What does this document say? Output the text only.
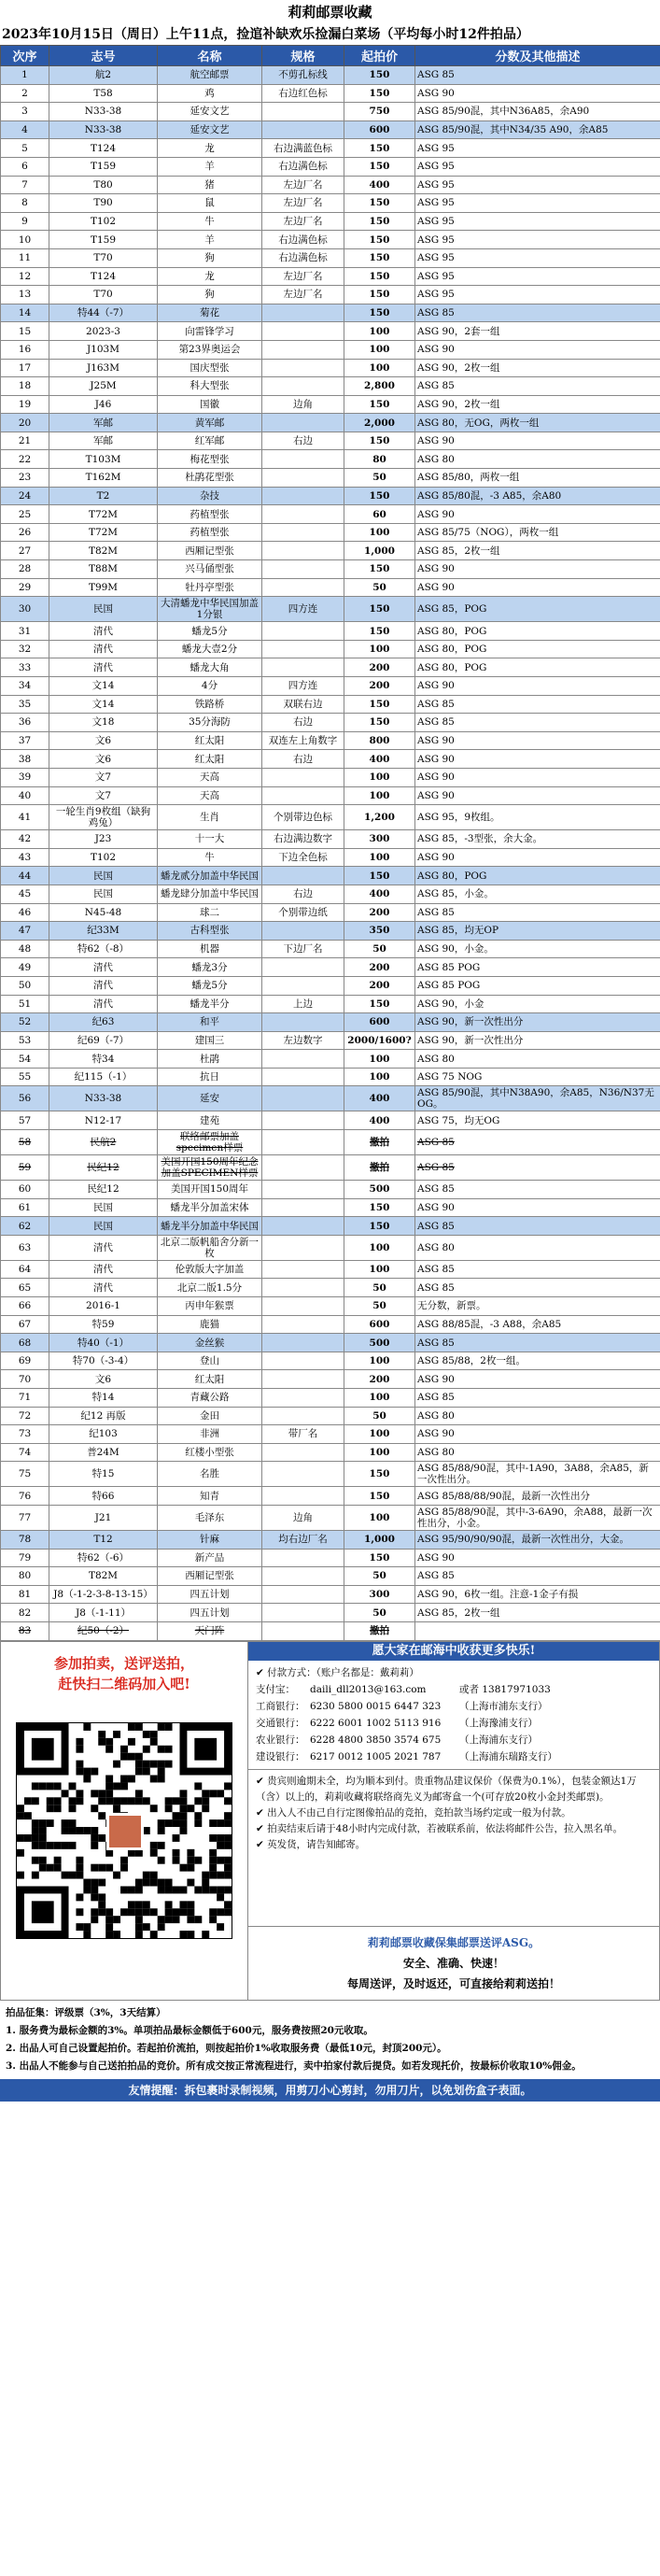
莉莉邮票收藏
2023年10月15日（周日）上午11点，捡逭补缺欢乐捡漏白菜场（平均每小时12件拍品）
次序	志号	名称	规格	起拍价	分数及其他描述
1	航2	航空邮票	不剪孔标线	150	ASG 85
2	T58	鸡	右边红色标	150	ASG 90
3	N33-38	延安文艺		750	ASG 85/90混，其中N36A85，余A90
4	N33-38	延安文艺		600	ASG 85/90混，其中N34/35 A90，余A85
5	T124	龙	右边满蓝色标	150	ASG 95
6	T159	羊	右边满色标	150	ASG 95
7	T80	猪	左边厂名	400	ASG 95
8	T90	鼠	左边厂名	150	ASG 95
9	T102	牛	左边厂名	150	ASG 95
10	T159	羊	右边满色标	150	ASG 95
11	T70	狗	右边满色标	150	ASG 95
12	T124	龙	左边厂名	150	ASG 95
13	T70	狗	左边厂名	150	ASG 95
14	特44（-7）	菊花		150	ASG 85
15	2023-3	向雷锋学习		100	ASG 90，2套一组
16	J103M	第23界奥运会		100	ASG 90
17	J163M	国庆型张		100	ASG 90，2枚一组
18	J25M	科大型张		2,800	ASG 85
19	J46	国徽	边角	150	ASG 90，2枚一组
20	军邮	黄军邮		2,000	ASG 80，无OG，两枚一组
21	军邮	红军邮	右边	150	ASG 90
22	T103M	梅花型张		80	ASG 80
23	T162M	杜鹃花型张		50	ASG 85/80，两枚一组
24	T2	杂技		150	ASG 85/80混，-3 A85，余A80
25	T72M	药植型张		60	ASG 90
26	T72M	药植型张		100	ASG 85/75（NOG），两枚一组
27	T82M	西厢记型张		1,000	ASG 85，2枚一组
28	T88M	兴马俑型张		150	ASG 90
29	T99M	牡丹亭型张		50	ASG 90
30	民国	大清蟠龙中华民国加盖1分银	四方连	150	ASG 85，POG
31	清代	蟠龙5分		150	ASG 80，POG
32	清代	蟠龙大壹2分		100	ASG 80，POG
33	清代	蟠龙大角		200	ASG 80，POG
34	文14	4分	四方连	200	ASG 90
35	文14	铁路桥	双联右边	150	ASG 85
36	文18	35分海防	右边	150	ASG 85
37	文6	红太阳	双连左上角数字	800	ASG 90
38	文6	红太阳	右边	400	ASG 90
39	文7	天高		100	ASG 90
40	文7	天高		100	ASG 90
41	一轮生肖9枚组（缺狗鸡兔）	生肖	个别带边色标	1,200	ASG 95，9枚组。
42	J23	十一大	右边满边数字	300	ASG 85，-3型张，余大金。
43	T102	牛	下边全色标	100	ASG 90
44	民国	蟠龙贰分加盖中华民国		150	ASG 80，POG
45	民国	蟠龙肆分加盖中华民国	右边	400	ASG 85，小金。
46	N45-48	球二	个别带边纸	200	ASG 85
47	纪33M	古科型张		350	ASG 85，均无OP
48	特62（-8）	机器	下边厂名	50	ASG 90，小金。
49	清代	蟠龙3分		200	ASG 85 POG
50	清代	蟠龙5分		200	ASG 85 POG
51	清代	蟠龙半分	上边	150	ASG 90，小金
52	纪63	和平		600	ASG 90，新一次性出分
53	纪69（-7）	建国三	左边数字	2000/1600?	ASG 90，新一次性出分
54	特34	杜鹃		100	ASG 80
55	纪115（-1）	抗日		100	ASG 75 NOG
56	N33-38	延安		400	ASG 85/90混，其中N38A90，余A85，N36/N37无OG。
57	N12-17	建苑		400	ASG 75，均无OG
58	民航2	联络邮票加盖specimen样票		撤拍	ASG 85
59	民纪12	美国开国150周年纪念加盖SPECIMEN样票		撤拍	ASG 85
60	民纪12	美国开国150周年		500	ASG 85
61	民国	蟠龙半分加盖宋体		150	ASG 90
62	民国	蟠龙半分加盖中华民国		150	ASG 85
63	清代	北京二版帆船舍分新一枚		100	ASG 80
64	清代	伦敦版大字加盖		100	ASG 85
65	清代	北京二版1.5分		50	ASG 85
66	2016-1	丙申年猴票		50	无分数，新票。
67	特59	鹿猫		600	ASG 88/85混，-3 A88，余A85
68	特40（-1）	金丝猴		500	ASG 85
69	特70（-3-4）	登山		100	ASG 85/88，2枚一组。
70	文6	红太阳		200	ASG 90
71	特14	青藏公路		100	ASG 85
72	纪12 再版	金田		50	ASG 80
73	纪103	非洲	带厂名	100	ASG 90
74	普24M	红楼小型张		100	ASG 80
75	特15	名胜		150	ASG 85/88/90混，其中-1A90，3A88，余A85，新一次性出分。
76	特66	知青		150	ASG 85/88/88/90混，最新一次性出分
77	J21	毛泽东	边角	100	ASG 85/88/90混，其中-3-6A90，余A88，最新一次性出分，小金。
78	T12	针麻	均右边厂名	1,000	ASG 95/90/90/90混，最新一次性出分，大金。
79	特62（-6）	新产品		150	ASG 90
80	T82M	西厢记型张		50	ASG 85
81	J8（-1-2-3-8-13-15）	四五计划		300	ASG 90，6枚一组。注意-1金子有损
82	J8（-1-11）	四五计划		50	ASG 85，2枚一组
83	纪50（-2）	天门阵		撤拍	
参加拍卖，送评送拍，
赶快扫二维码加入吧!
愿大家在邮海中收获更多快乐!
✔ 付款方式：（账户名都是：戴莉莉）
支付宝：	daili_dll2013@163.com	或者 13817971033
工商银行： 6230 5800 0015 6447 323	（上海市浦东支行）
交通银行： 6222 6001 1002 5113 916	（上海豫浦支行）
农业银行： 6228 4800 3850 3574 675	（上海浦东支行）
建设银行： 6217 0012 1005 2021 787	（上海浦东瑞路支行）
✔ 贵宾则逾期未全，均为顺本到付。贵重物品建议保价（保费为0.1%），包装金额达1万（含）以上的，莉莉收藏将联络商先义为邮寄盒一个(可存放20枚小金封类邮票)。
✔ 出入人不由己自行定图像拍品的竞拍，竞拍款当场约定或一般为付款。
✔ 拍卖结束后请于48小时内完成付款，若被联系前，依法将邮件公告，拉入黑名单。
✔ 英发货，请告知邮寄。
莉莉邮票收藏保集邮票送评ASG。
安全、准确、快速！
每周送评，及时返还，可直接给莉莉送拍！
拍品征集：评级票（3%，3天结算）
1. 服务费为最标金额的3%。单项拍品最标金额低于600元，服务费按照20元收取。
2. 出品人可自己设置起拍价。若起拍价流拍，则按起拍价1%收取服务费（最低10元，封顶200元）。
3. 出品人不能参与自己送拍拍品的竞价。所有成交按正常流程进行，卖中拍家付款后提贷。如若发现托价，按最标价收取10%佣金。
友情提醒：拆包裹时录制视频，用剪刀小心剪封，勿用刀片，以免划伤盒子表面。
